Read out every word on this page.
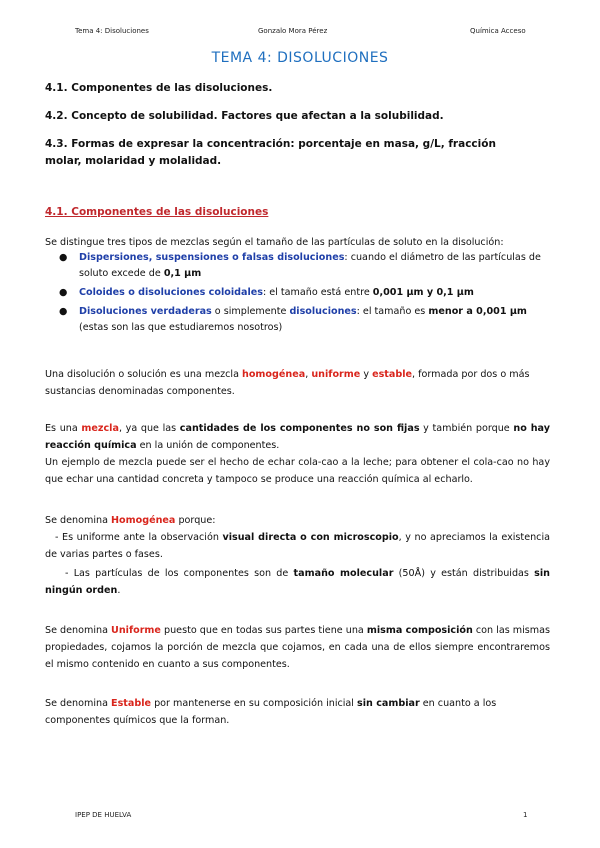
Tema 4: Disoluciones	Gonzalo Mora Pérez	Química Acceso
TEMA 4: DISOLUCIONES
4.1. Componentes de las disoluciones.
4.2. Concepto de solubilidad. Factores que afectan a la solubilidad.
4.3. Formas de expresar la concentración: porcentaje en masa, g/L, fracción molar, molaridad y molalidad.
4.1. Componentes de las disoluciones
Se distingue tres tipos de mezclas según el tamaño de las partículas de soluto en la disolución:
● Dispersiones, suspensiones o falsas disoluciones: cuando el diámetro de las partículas de soluto excede de 0,1 µm
● Coloides o disoluciones coloidales: el tamaño está entre 0,001 µm y 0,1 µm
● Disoluciones verdaderas o simplemente disoluciones: el tamaño es menor a 0,001 µm (estas son las que estudiaremos nosotros)
Una disolución o solución es una mezcla homogénea, uniforme y estable, formada por dos o más sustancias denominadas componentes.
Es una mezcla, ya que las cantidades de los componentes no son fijas y también porque no hay reacción química en la unión de componentes.
Un ejemplo de mezcla puede ser el hecho de echar cola-cao a la leche; para obtener el cola-cao no hay que echar una cantidad concreta y tampoco se produce una reacción química al echarlo.
Se denomina Homogénea porque:
- Es uniforme ante la observación visual directa o con microscopio, y no apreciamos la existencia de varias partes o fases.
- Las partículas de los componentes son de tamaño molecular (50Å) y están distribuidas sin ningún orden.
Se denomina Uniforme puesto que en todas sus partes tiene una misma composición con las mismas propiedades, cojamos la porción de mezcla que cojamos, en cada una de ellos siempre encontraremos el mismo contenido en cuanto a sus componentes.
Se denomina Estable por mantenerse en su composición inicial sin cambiar en cuanto a los componentes químicos que la forman.
IPEP DE HUELVA	1
